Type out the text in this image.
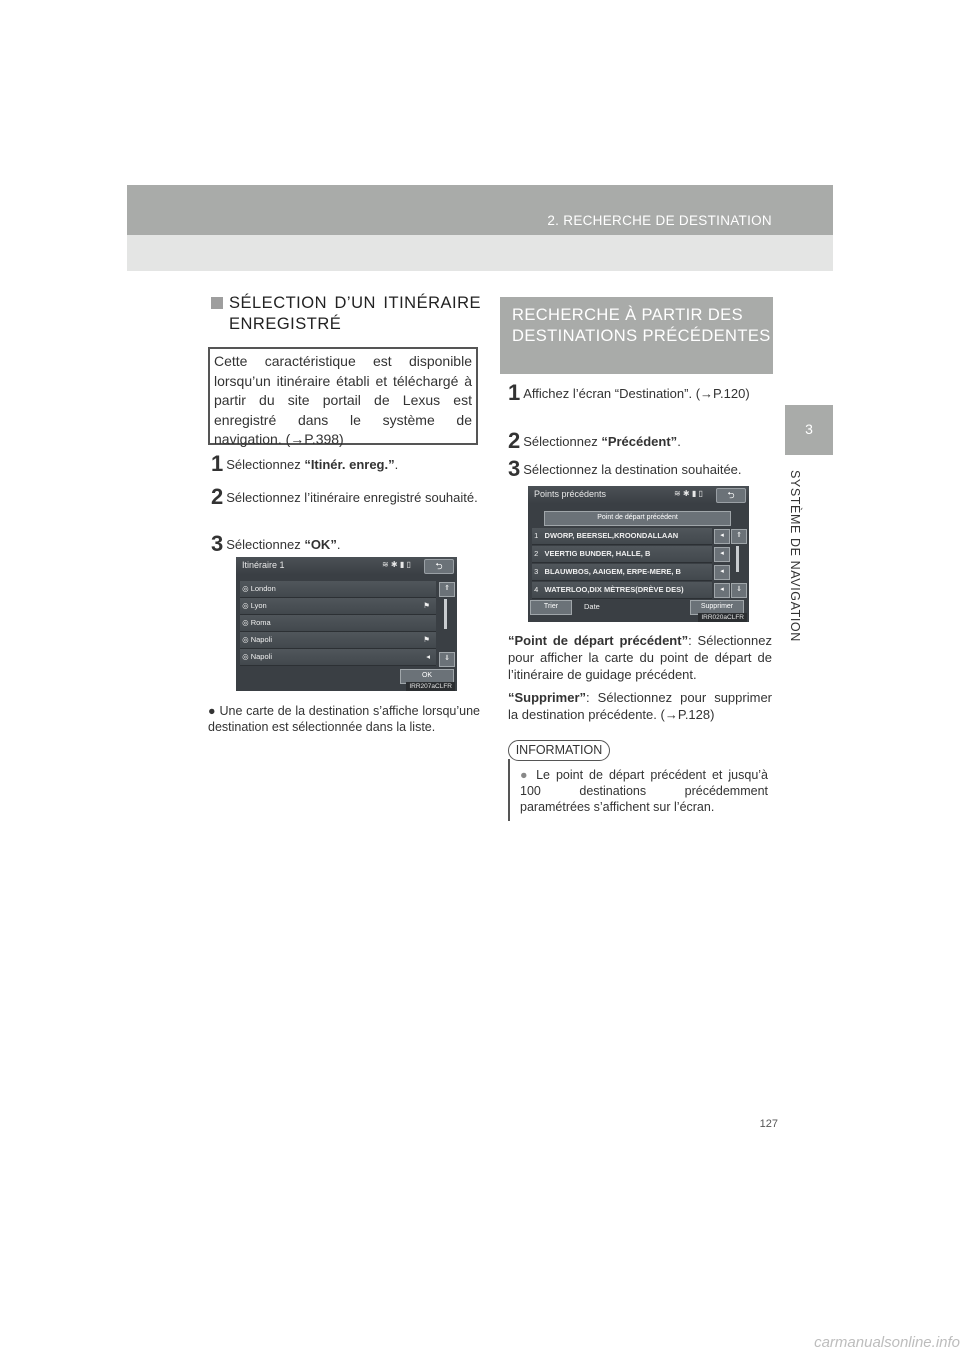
2. RECHERCHE DE DESTINATION
3
SYSTÈME DE NAVIGATION
SÉLECTION D’UN ITINÉRAIRE ENREGISTRÉ
Cette caractéristique est disponible lorsqu’un itinéraire établi et téléchargé à partir du site portail de Lexus est enregistré dans le système de navigation. (→P.398)
1 Sélectionnez “Itinér. enreg.”.
2 Sélectionnez l’itinéraire enregistré souhaité.
3 Sélectionnez “OK”.
Itinéraire 1	≋ ✱ ▮ ▯	⮌
◎ London
◎ Lyon	⚑
◎ Roma
◎ Napoli	⚑
◎ Napoli	◂
⇑
⇓
OK
IRR207aCLFR
● Une carte de la destination s’affiche lorsqu’une destination est sélectionnée dans la liste.
RECHERCHE À PARTIR DES DESTINATIONS PRÉCÉDENTES
1 Affichez l’écran “Destination”. (→P.120)
2 Sélectionnez “Précédent”.
3 Sélectionnez la destination souhaitée.
Points précédents	≋ ✱ ▮ ▯	⮌
Point de départ précédent
1 DWORP, BEERSEL,KROONDALLAAN
2 VEERTIG BUNDER, HALLE, B
3 BLAUWBOS, AAIGEM, ERPE-MERE, B
4 WATERLOO,DIX MÈTRES(DRÈVE DES)
◂
◂
◂
◂
⇑
⇓
Trier	Date	Supprimer
IRR020aCLFR
“Point de départ précédent”: Sélectionnez pour afficher la carte du point de départ de l’itinéraire de guidage précédent.
“Supprimer”: Sélectionnez pour supprimer la destination précédente. (→P.128)
INFORMATION
● Le point de départ précédent et jusqu’à 100 destinations précédemment paramétrées s’affichent sur l’écran.
127
carmanualsonline.info
